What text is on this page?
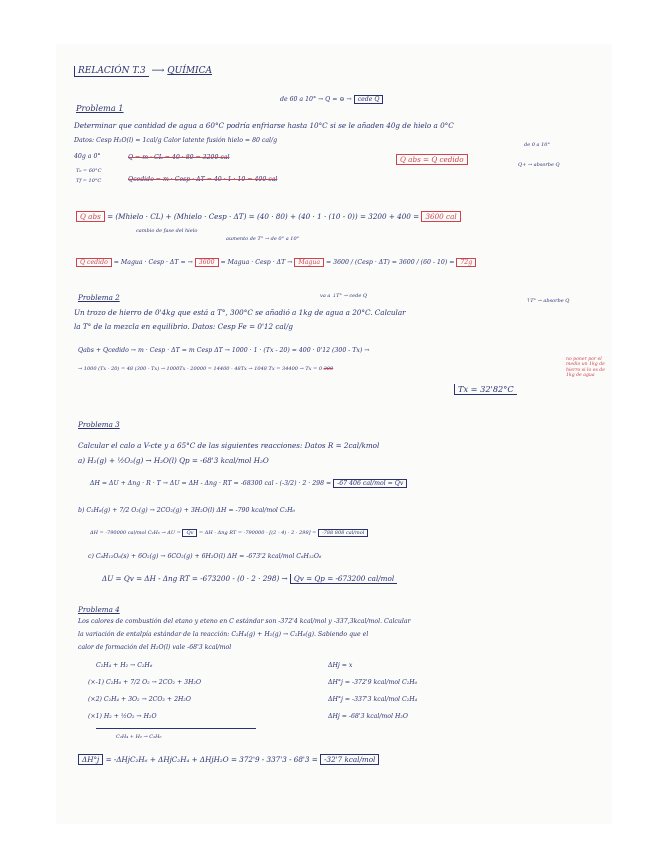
RELACIÓN T.3 ⟶ QUÍMICA
Problema 1
de 60 a 10° → Q = ⊖ → cede Q
Determinar que cantidad de agua a 60°C podría enfriarse hasta 10°C si se le añaden 40g de hielo a 0°C
Datos: Cesp H₂O(l) = 1cal/g Calor latente fusión hielo = 80 cal/g
40g a 0°
T₀ = 60°C
Tf = 10°C
Q = m · CL = 40 · 80 = 3200 cal
Qcedido = m · Cesp · ΔT = 40 · 1 · 10 = 400 cal
Q abs = Q cedido
de 0 a 10°
Q+ → absorbe Q
Q abs = (Mhielo · CL) + (Mhielo · Cesp · ΔT) = (40 · 80) + (40 · 1 · (10 - 0)) = 3200 + 400 = 3600 cal
cambio de fase del hielo
aumento de T° → de 0° a 10°
Q cedido = Magua · Cesp · ΔT = → 3600 = Magua · Cesp · ΔT → Magua = 3600 / (Cesp · ΔT) = 3600 / (60 - 10) = 72g
Problema 2	va a ↓T° → cede Q
↑T° → absorbe Q
Un trozo de hierro de 0'4kg que está a T°, 300°C se añadió a 1kg de agua a 20°C. Calcular
la T° de la mezcla en equilibrio. Datos: Cesp Fe = 0'12 cal/g
Qabs + Qcedido → m · Cesp · ΔT = m Cesp ΔT → 1000 · 1 · (Tx - 20) = 400 · 0'12 (300 - Tx) →
→ 1000 (Tx - 20) = 48 (300 - Tx) → 1000Tx - 20000 = 14400 - 48Tx → 1048 Tx = 34400 → Tx = 0 300
Tx = 32'82°C
no poner por el medio un 1kg de hierro si lo es de 1kg de agua
Problema 3
Calcular el calo a V-cte y a 65°C de las siguientes reacciones: Datos R = 2cal/kmol
a) H₂(g) + ½O₂(g) → H₂O(l) Qp = -68'3 kcal/mol H₂O
ΔH = ΔU + Δng · R · T → ΔU = ΔH - Δng · RT = -68300 cal - (-3/2) · 2 · 298 = -67 406 cal/mol = Qv
b) C₂H₆(g) + 7/2 O₂(g) → 2CO₂(g) + 3H₂O(l) ΔH = -790 kcal/mol C₂H₆
ΔH = -790000 cal/mol C₂H₆ → ΔU = Qv = ΔH - Δng RT = -790000 - [(2 - 4) · 2 · 298] = -788 808 cal/mol
c) C₆H₁₂O₆(s) + 6O₂(g) → 6CO₂(g) + 6H₂O(l) ΔH = -673'2 kcal/mol C₆H₁₂O₆
ΔU = Qv = ΔH - Δng RT = -673200 - (0 · 2 · 298) → Qv = Qp = -673200 cal/mol
Problema 4
Los calores de combustión del etano y eteno en C estándar son -372'4 kcal/mol y -337,3kcal/mol. Calcular
la variación de entalpía estándar de la reacción: C₂H₄(g) + H₂(g) → C₂H₆(g). Sabiendo que el
calor de formación del H₂O(l) vale -68'3 kcal/mol
C₂H₄ + H₂ → C₂H₆	ΔHj = x
(×-1) C₂H₆ + 7/2 O₂ → 2CO₂ + 3H₂O	ΔH°j = -372'9 kcal/mol C₂H₆
(×2) C₂H₄ + 3O₂ → 2CO₂ + 2H₂O	ΔH°j = -337'3 kcal/mol C₂H₄
(×1) H₂ + ½O₂ → H₂O	ΔHj = -68'3 kcal/mol H₂O
C₂H₄ + H₂ → C₂H₆
ΔH°j = -ΔHjC₂H₆ + ΔHjC₂H₄ + ΔHjH₂O = 372'9 - 337'3 - 68'3 = -32'7 kcal/mol
